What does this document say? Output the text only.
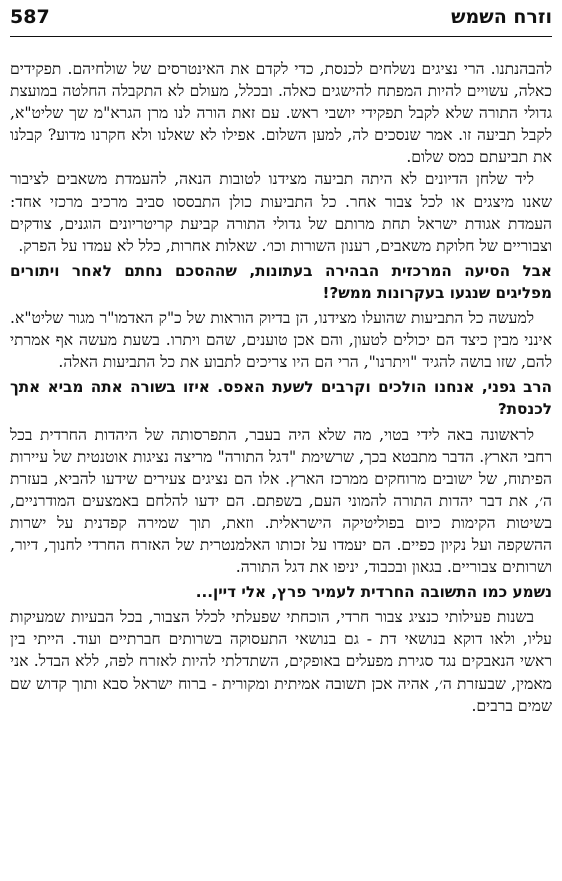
587	וזרח השמש

להבהנתנו. הרי נציגים נשלחים לכנסת, כדי לקדם את האינטרסים של שולחיהם. תפקידים כאלה, עשויים להיות המפתח להישגים כאלה. ובכלל, מעולם לא התקבלה החלטה במועצת גדולי התורה שלא לקבל תפקידי יושבי ראש. עם זאת הורה לנו מרן הגרא"מ שך שליט"א, לקבל תביעה זו. אמר שנסכים לה, למען השלום. אפילו לא שאלנו ולא חקרנו מדוע? קבלנו את תביעתם כמס שלום.

ליד שלחן הדיונים לא היתה תביעה מצידנו לטובות הנאה, להעמדת משאבים לציבור שאנו מיצגים או לכל צבור אחר. כל התביעות כולן התבססו סביב מרכיב מרכזי אחד: העמדת אגודת ישראל תחת מרותם של גדולי התורה קביעת קריטריונים הוגנים, צודקים וצבוריים של חלוקת משאבים, רענון השורות וכו׳. שאלות אחרות, כלל לא עמדו על הפרק.

אבל הסיעה המרכזית הבהירה בעתונות, שההסכם נחתם לאחר ויתורים מפליגים שנגעו בעקרונות ממש?!

למעשה כל התביעות שהועלו מצידנו, הן בדיוק הוראות של כ"ק האדמו"ר מגור שליט"א. אינני מבין כיצד הם יכולים לטעון, והם אכן טוענים, שהם ויתרו. בשעת מעשה אף אמרתי להם, שזו בושה להגיד "ויתרנו", הרי הם היו צריכים לתבוע את כל התביעות האלה.

הרב גפני, אנחנו הולכים וקרבים לשעת האפס. איזו בשורה אתה מביא אתך לכנסת?

לראשונה באה לידי בטוי, מה שלא היה בעבר, התפרסותה של היהדות החרדית בכל רחבי הארץ. הדבר מתבטא בכך, שרשימת "דגל התורה" מריצה נציגות אוטנטית של עיירות הפיתוח, של ישובים מרוחקים ממרכז הארץ. אלו הם נציגים צעירים שידעו להביא, בעזרת ה׳, את דבר יהדות התורה להמוני העם, בשפתם. הם ידעו להלחם באמצעים המודרניים, בשיטות הקימות כיום בפוליטיקה הישראלית. וזאת, תוך שמירה קפדנית על ישרות ההשקפה ועל נקיון כפיים. הם יעמדו על זכותו האלמנטרית של האזרח החרדי לחנוך, דיור, ושרותים צבוריים. בגאון ובכבוד, יניפו את דגל התורה.

נשמע כמו התשובה החרדית לעמיר פרץ, אלי דיין...

בשנות פעילותי כנציג צבור חרדי, הוכחתי שפעלתי לכלל הצבור, בכל הבעיות שמעיקות עליו, ולאו דוקא בנושאי דת - גם בנושאי התעסוקה בשרותים חברתיים ועוד. הייתי בין ראשי הנאבקים נגד סגירת מפעלים באופקים, השתדלתי להיות לאזרח לפה, ללא הבדל. אני מאמין, שבעזרת ה׳, אהיה אכן תשובה אמיתית ומקורית - ברוח ישראל סבא ותוך קדוש שם שמים ברבים.
